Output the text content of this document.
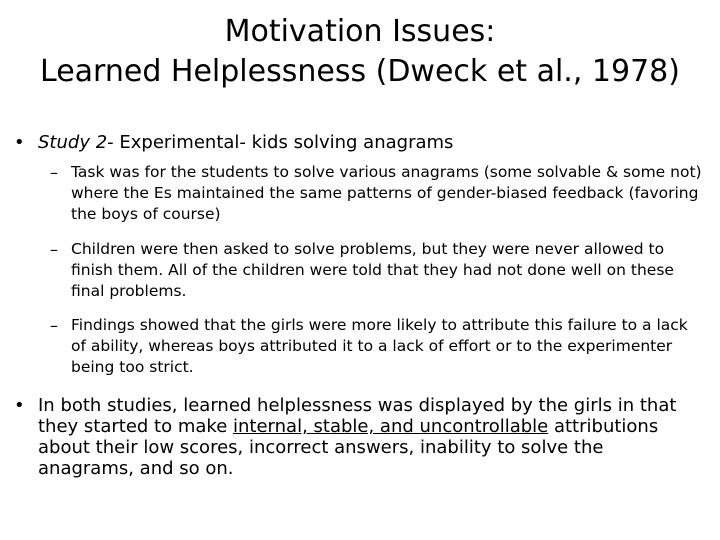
Motivation Issues:
Learned Helplessness (Dweck et al., 1978)
• Study 2- Experimental- kids solving anagrams
– Task was for the students to solve various anagrams (some solvable & some not) where the Es maintained the same patterns of gender-biased feedback (favoring the boys of course)
– Children were then asked to solve problems, but they were never allowed to finish them. All of the children were told that they had not done well on these final problems.
– Findings showed that the girls were more likely to attribute this failure to a lack of ability, whereas boys attributed it to a lack of effort or to the experimenter being too strict.
• In both studies, learned helplessness was displayed by the girls in that they started to make internal, stable, and uncontrollable attributions about their low scores, incorrect answers, inability to solve the anagrams, and so on.
